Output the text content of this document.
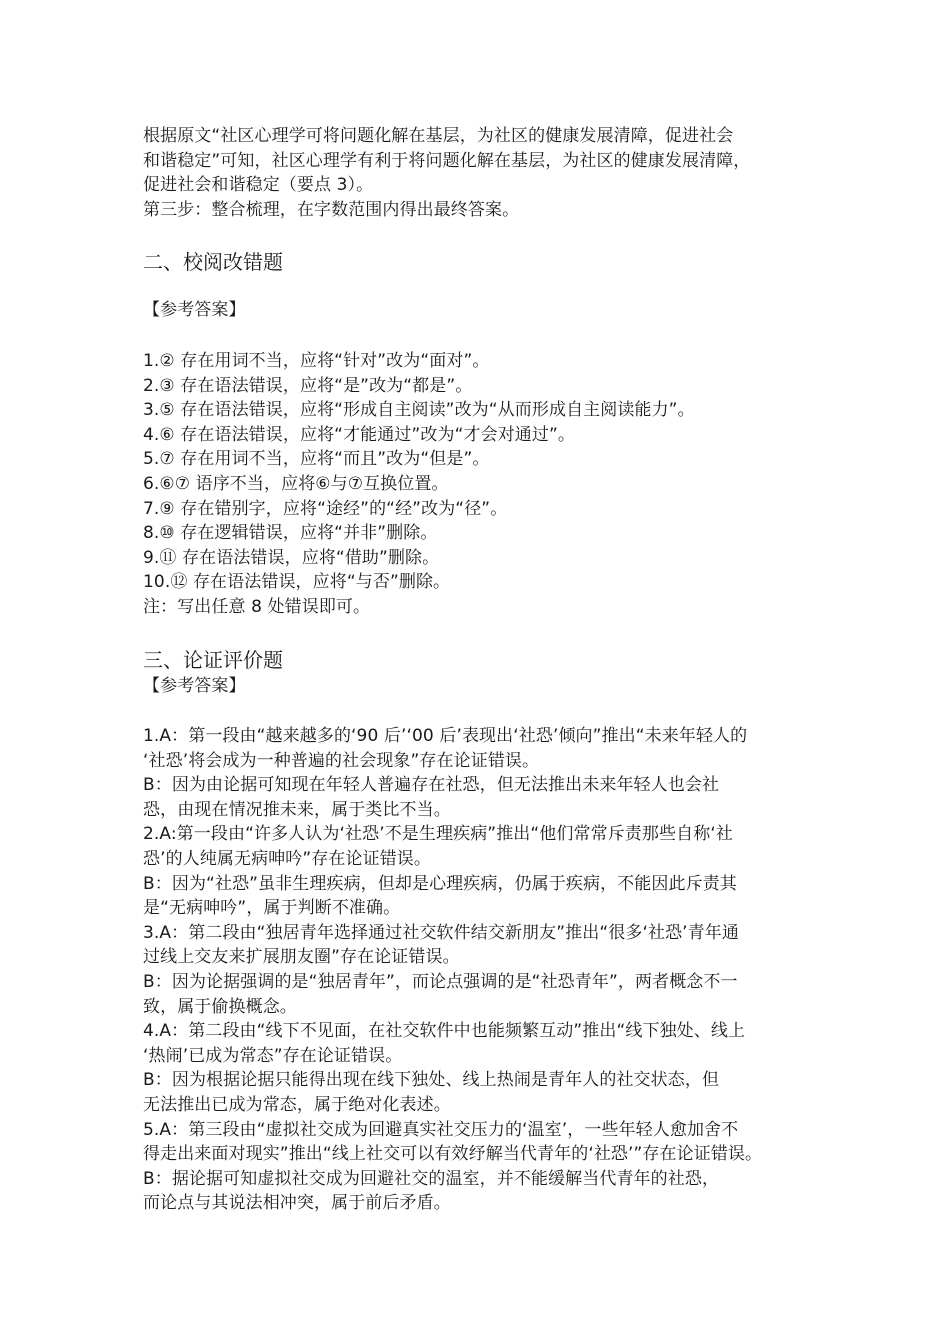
根据原文“社区心理学可将问题化解在基层，为社区的健康发展清障，促进社会
和谐稳定”可知，社区心理学有利于将问题化解在基层，为社区的健康发展清障，
促进社会和谐稳定（要点 3）。
第三步：整合梳理，在字数范围内得出最终答案。
二、校阅改错题
【参考答案】
1.② 存在用词不当，应将“针对”改为“面对”。
2.③ 存在语法错误，应将“是”改为“都是”。
3.⑤ 存在语法错误，应将“形成自主阅读”改为“从而形成自主阅读能力”。
4.⑥ 存在语法错误，应将“才能通过”改为“才会对通过”。
5.⑦ 存在用词不当，应将“而且”改为“但是”。
6.⑥⑦ 语序不当，应将⑥与⑦互换位置。
7.⑨ 存在错别字，应将“途经”的“经”改为“径”。
8.⑩ 存在逻辑错误，应将“并非”删除。
9.⑪ 存在语法错误，应将“借助”删除。
10.⑫ 存在语法错误，应将“与否”删除。
注：写出任意 8 处错误即可。
三、论证评价题
【参考答案】
1.A：第一段由“越来越多的‘90 后’‘00 后’表现出‘社恐’倾向”推出“未来年轻人的
‘社恐’将会成为一种普遍的社会现象”存在论证错误。
B：因为由论据可知现在年轻人普遍存在社恐，但无法推出未来年轻人也会社
恐，由现在情况推未来，属于类比不当。
2.A:第一段由“许多人认为‘社恐’不是生理疾病”推出“他们常常斥责那些自称‘社
恐’的人纯属无病呻吟”存在论证错误。
B：因为“社恐”虽非生理疾病，但却是心理疾病，仍属于疾病，不能因此斥责其
是“无病呻吟”，属于判断不准确。
3.A：第二段由“独居青年选择通过社交软件结交新朋友”推出“很多‘社恐’青年通
过线上交友来扩展朋友圈”存在论证错误。
B：因为论据强调的是“独居青年”，而论点强调的是“社恐青年”，两者概念不一
致，属于偷换概念。
4.A：第二段由“线下不见面，在社交软件中也能频繁互动”推出“线下独处、线上
‘热闹’已成为常态”存在论证错误。
B：因为根据论据只能得出现在线下独处、线上热闹是青年人的社交状态，但
无法推出已成为常态，属于绝对化表述。
5.A：第三段由“虚拟社交成为回避真实社交压力的‘温室’，一些年轻人愈加舍不
得走出来面对现实”推出“线上社交可以有效纾解当代青年的‘社恐’”存在论证错误。
B：据论据可知虚拟社交成为回避社交的温室，并不能缓解当代青年的社恐，
而论点与其说法相冲突，属于前后矛盾。
